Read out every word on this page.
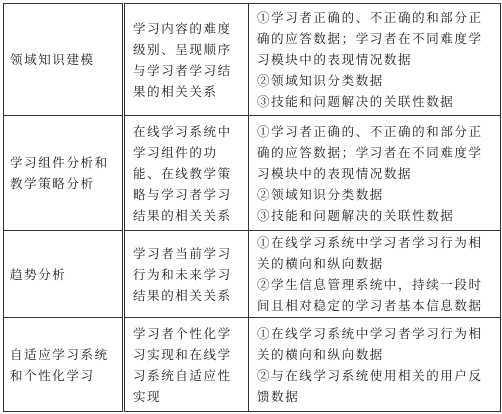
领域知识建模	学习内容的难度级别、呈现顺序与学习者学习结果的相关关系	①学习者正确的、不正确的和部分正确的应答数据；学习者在不同难度学习模块中的表现情况数据

②领域知识分类数据

③技能和问题解决的关联性数据

学习组件分析和教学策略分析	在线学习系统中学习组件的功能、在线教学策略与学习者学习结果的相关关系	①学习者正确的、不正确的和部分正确的应答数据；学习者在不同难度学习模块中的表现情况数据

②领域知识分类数据

③技能和问题解决的关联性数据

趋势分析	学习者当前学习行为和未来学习结果的相关关系	①在线学习系统中学习者学习行为相关的横向和纵向数据

②学生信息管理系统中，持续一段时间且相对稳定的学习者基本信息数据

自适应学习系统和个性化学习	学习者个性化学习实现和在线学习系统自适应性实现	①在线学习系统中学习者学习行为相关的横向和纵向数据

②与在线学习系统使用相关的用户反馈数据
